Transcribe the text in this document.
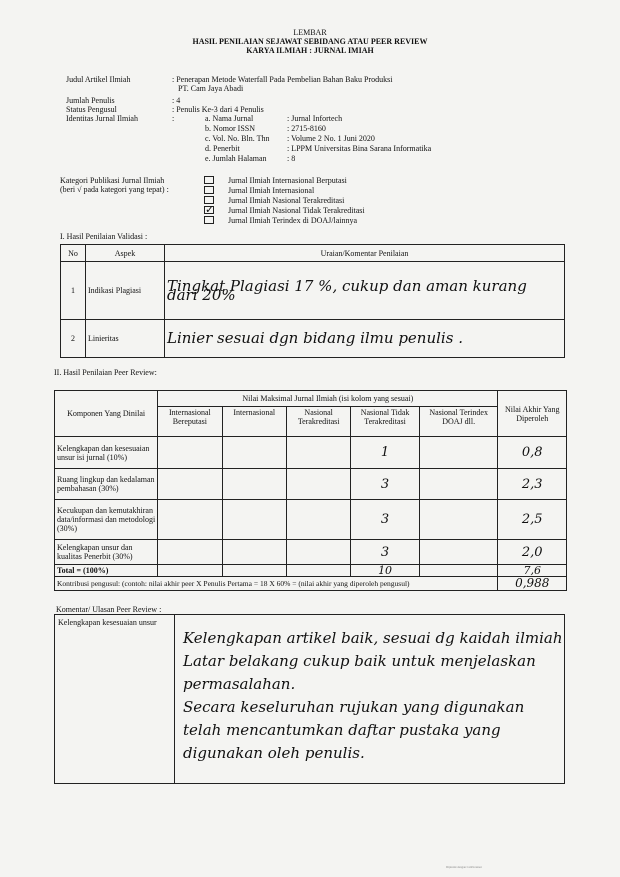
LEMBAR
HASIL PENILAIAN SEJAWAT SEBIDANG ATAU PEER REVIEW
KARYA ILMIAH : JURNAL IMIAH
Judul Artikel Ilmiah	: Penerapan Metode Waterfall Pada Pembelian Bahan Baku Produksi
PT. Cam Jaya Abadi
Jumlah Penulis	: 4
Status Pengusul	: Penulis Ke-3 dari 4 Penulis
Identitas Jurnal Ilmiah	:	a. Nama Jurnal	: Jurnal Infortech
b. Nomor ISSN	: 2715-8160
c. Vol. No. Bln. Thn : Volume 2 No. 1 Juni 2020
d. Penerbit	: LPPM Universitas Bina Sarana Informatika
e. Jumlah Halaman	: 8
Kategori Publikasi Jurnal Ilmiah
(beri √ pada kategori yang tepat) :
Jurnal Ilmiah Internasional Berputasi
Jurnal Ilmiah Internasional
Jurnal Ilmiah Nasional Terakreditasi
✓ Jurnal Ilmiah Nasional Tidak Terakreditasi
Jurnal Ilmiah Terindex di DOAJ/lainnya
I. Hasil Penilaian Validasi :
No	Aspek	Uraian/Komentar Penilaian
1	Indikasi Plagiasi	Tingkat Plagiasi 17 %, cukup dan aman kurang dari 20%
2	Linieritas	Linier sesuai dgn bidang ilmu penulis .
II. Hasil Penilaian Peer Review:
Komponen Yang Dinilai	Nilai Maksimal Jurnal Ilmiah (isi kolom yang sesuai)					Nilai Akhir Yang Diperoleh
	Internasional Bereputasi	Internasional	Nasional Terakreditasi	Nasional Tidak Terakreditasi	Nasional Terindex DOAJ dll.	
Kelengkapan dan kesesuaian unsur isi jurnal (10%)				1		0,8
Ruang lingkup dan kedalaman pembahasan (30%)				3		2,3
Kecukupan dan kemutakhiran data/informasi dan metodologi (30%)				3		2,5
Kelengkapan unsur dan kualitas Penerbit (30%)				3		2,0
Total = (100%)				10		7,6
Kontribusi pengusul: (contoh: nilai akhir peer X Penulis Pertama = 18 X 60% = (nilai akhir yang diperoleh pengusul)						0,988
Komentar/ Ulasan Peer Review :
Kelengkapan kesesuaian unsur
Kelengkapan artikel baik, sesuai dg kaidah ilmiah
Latar belakang cukup baik untuk menjelaskan
permasalahan.
Secara keseluruhan rujukan yang digunakan
telah mencantumkan daftar pustaka yang
digunakan oleh penulis.
Dipindai dengan CamScanner
